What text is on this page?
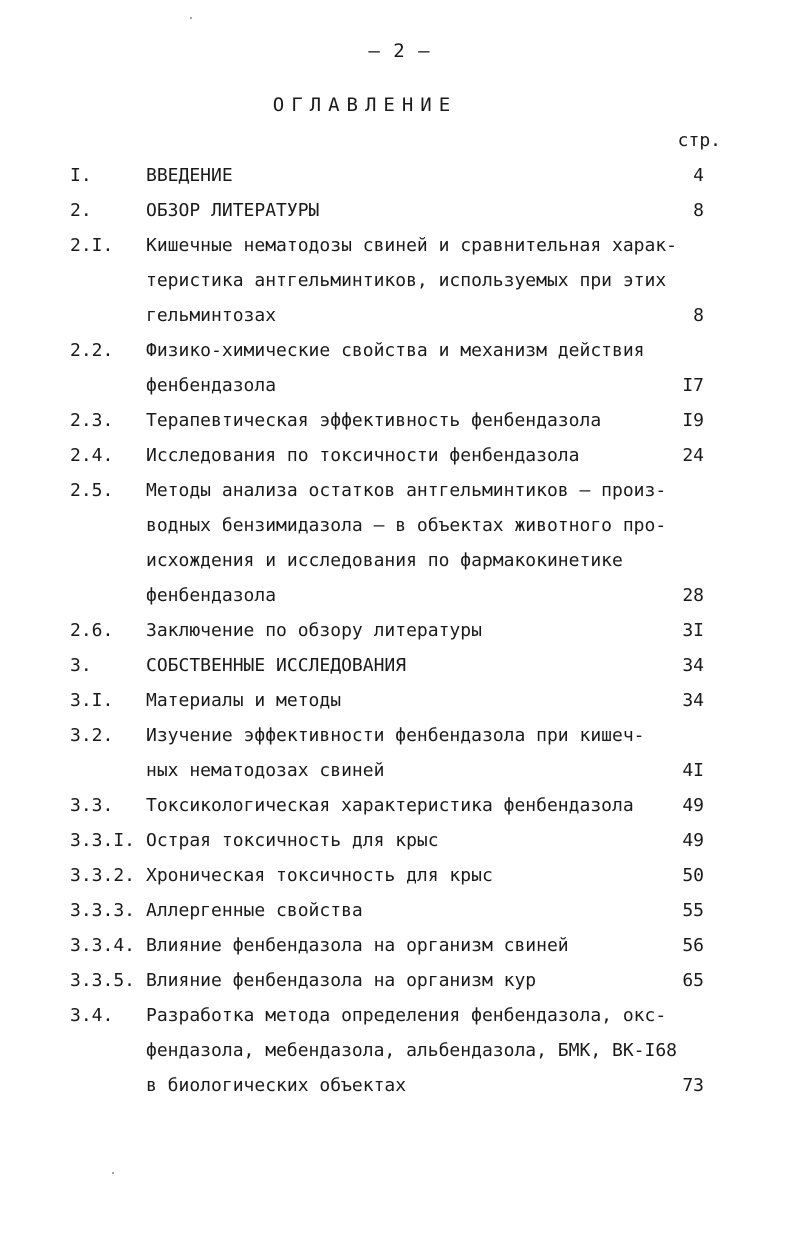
– 2 –
ОГЛАВЛЕНИЕ
стр.
I.	ВВЕДЕНИЕ	4
2.	ОБЗОР ЛИТЕРАТУРЫ	8
2.I. Кишечные нематодозы свиней и сравнительная харак-
теристика антгельминтиков, используемых при этих
гельминтозах	8
2.2. Физико-химические свойства и механизм действия
фенбендазола	I7
2.3. Терапевтическая эффективность фенбендазола	I9
2.4. Исследования по токсичности фенбендазола	24
2.5. Методы анализа остатков антгельминтиков – произ-
водных бензимидазола – в объектах животного про-
исхождения и исследования по фармакокинетике
фенбендазола	28
2.6. Заключение по обзору литературы	3I
3.	СОБСТВЕННЫЕ ИССЛЕДОВАНИЯ	34
3.I. Материалы и методы	34
3.2. Изучение эффективности фенбендазола при кишеч-
ных нематодозах свиней	4I
3.3. Токсикологическая характеристика фенбендазола	49
3.3.I. Острая токсичность для крыс	49
3.3.2. Хроническая токсичность для крыс	50
3.3.3. Аллергенные свойства	55
3.3.4. Влияние фенбендазола на организм свиней	56
3.3.5. Влияние фенбендазола на организм кур	65
3.4. Разработка метода определения фенбендазола, окс-
фендазола, мебендазола, альбендазола, БМК, ВК-I68
в биологических объектах	73
